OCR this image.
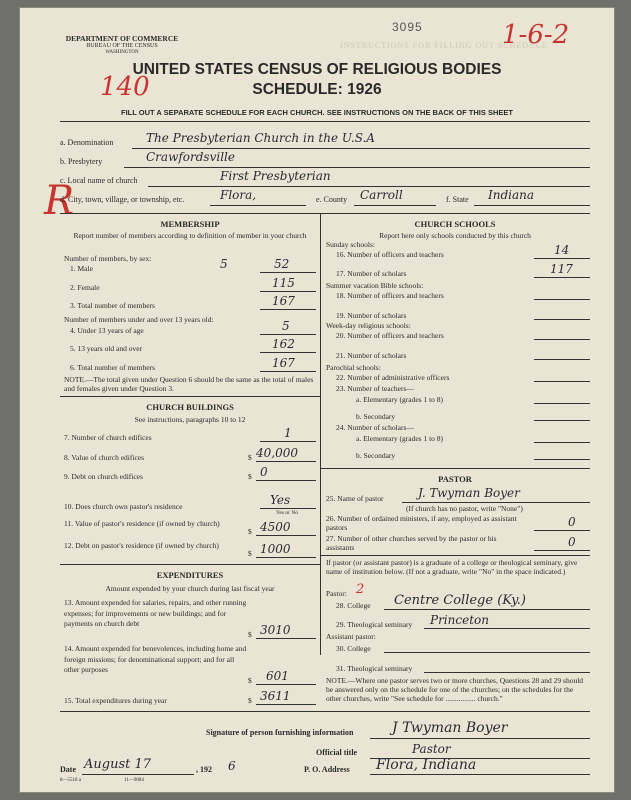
INSTRUCTIONS FOR FILLING OUT SCHEDULE
DEPARTMENT OF COMMERCE
BUREAU OF THE CENSUS
WASHINGTON
3095	1-6-2
140
UNITED STATES CENSUS OF RELIGIOUS BODIES
SCHEDULE: 1926
FILL OUT A SEPARATE SCHEDULE FOR EACH CHURCH. SEE INSTRUCTIONS ON THE BACK OF THIS SHEET
R
a. Denomination	The Presbyterian Church in the U.S.A
b. Presbytery	Crawfordsville
c. Local name of church	First Presbyterian
d. City, town, village, or township, etc.	Flora,	e. County Carroll	f. State Indiana
MEMBERSHIP
Report number of members according to definition of member in your church
Number of members, by sex:
1. Male	5	52
2. Female	115
3. Total number of members	167
Number of members under and over 13 years old:
4. Under 13 years of age	5
5. 13 years old and over	162
6. Total number of members	167
NOTE.—The total given under Question 6 should be the same as the total of males and females given under Question 3.
CHURCH BUILDINGS
See instructions, paragraphs 10 to 12
7. Number of church edifices	1
8. Value of church edifices	$ 40,000
9. Debt on church edifices	$ 0
10. Does church own pastor's residence	Yes
Yes or No
11. Value of pastor's residence (if owned by church)
$ 4500
12. Debt on pastor's residence (if owned by church)
$ 1000
EXPENDITURES
Amount expended by your church during last fiscal year
13. Amount expended for salaries, repairs, and other running expenses; for improvements or new buildings; and for payments on church debt
$ 3010
14. Amount expended for benevolences, including home and foreign missions; for denominational support; and for all other purposes
$ 601
15. Total expenditures during year	$ 3611
CHURCH SCHOOLS
Report here only schools conducted by this church
Sunday schools:
16. Number of officers and teachers	14
17. Number of scholars	117
Summer vacation Bible schools:
18. Number of officers and teachers
19. Number of scholars
Week-day religious schools:
20. Number of officers and teachers
21. Number of scholars
Parochial schools:
22. Number of administrative officers
23. Number of teachers—
a. Elementary (grades 1 to 8)
b. Secondary
24. Number of scholars—
a. Elementary (grades 1 to 8)
b. Secondary
PASTOR
25. Name of pastor	J. Twyman Boyer
(If church has no pastor, write "None")
26. Number of ordained ministers, if any, employed as assistant pastors	0
27. Number of other churches served by the pastor or his assistants	0
If pastor (or assistant pastor) is a graduate of a college or theological seminary, give name of institution below. (If not a graduate, write "No" in the space indicated.)
Pastor: 2
28. College Centre College (Ky.)
29. Theological seminary Princeton
Assistant pastor:
30. College
31. Theological seminary
NOTE.—Where one pastor serves two or more churches, Questions 28 and 29 should be answered only on the schedule for one of the churches; on the schedules for the other churches, write "See schedule for ................ church."
Signature of person furnishing information	J Twyman Boyer
Official title	Pastor
Date August 17	, 192 6	P. O. Address Flora, Indiana
8—5518 a	11—9084
